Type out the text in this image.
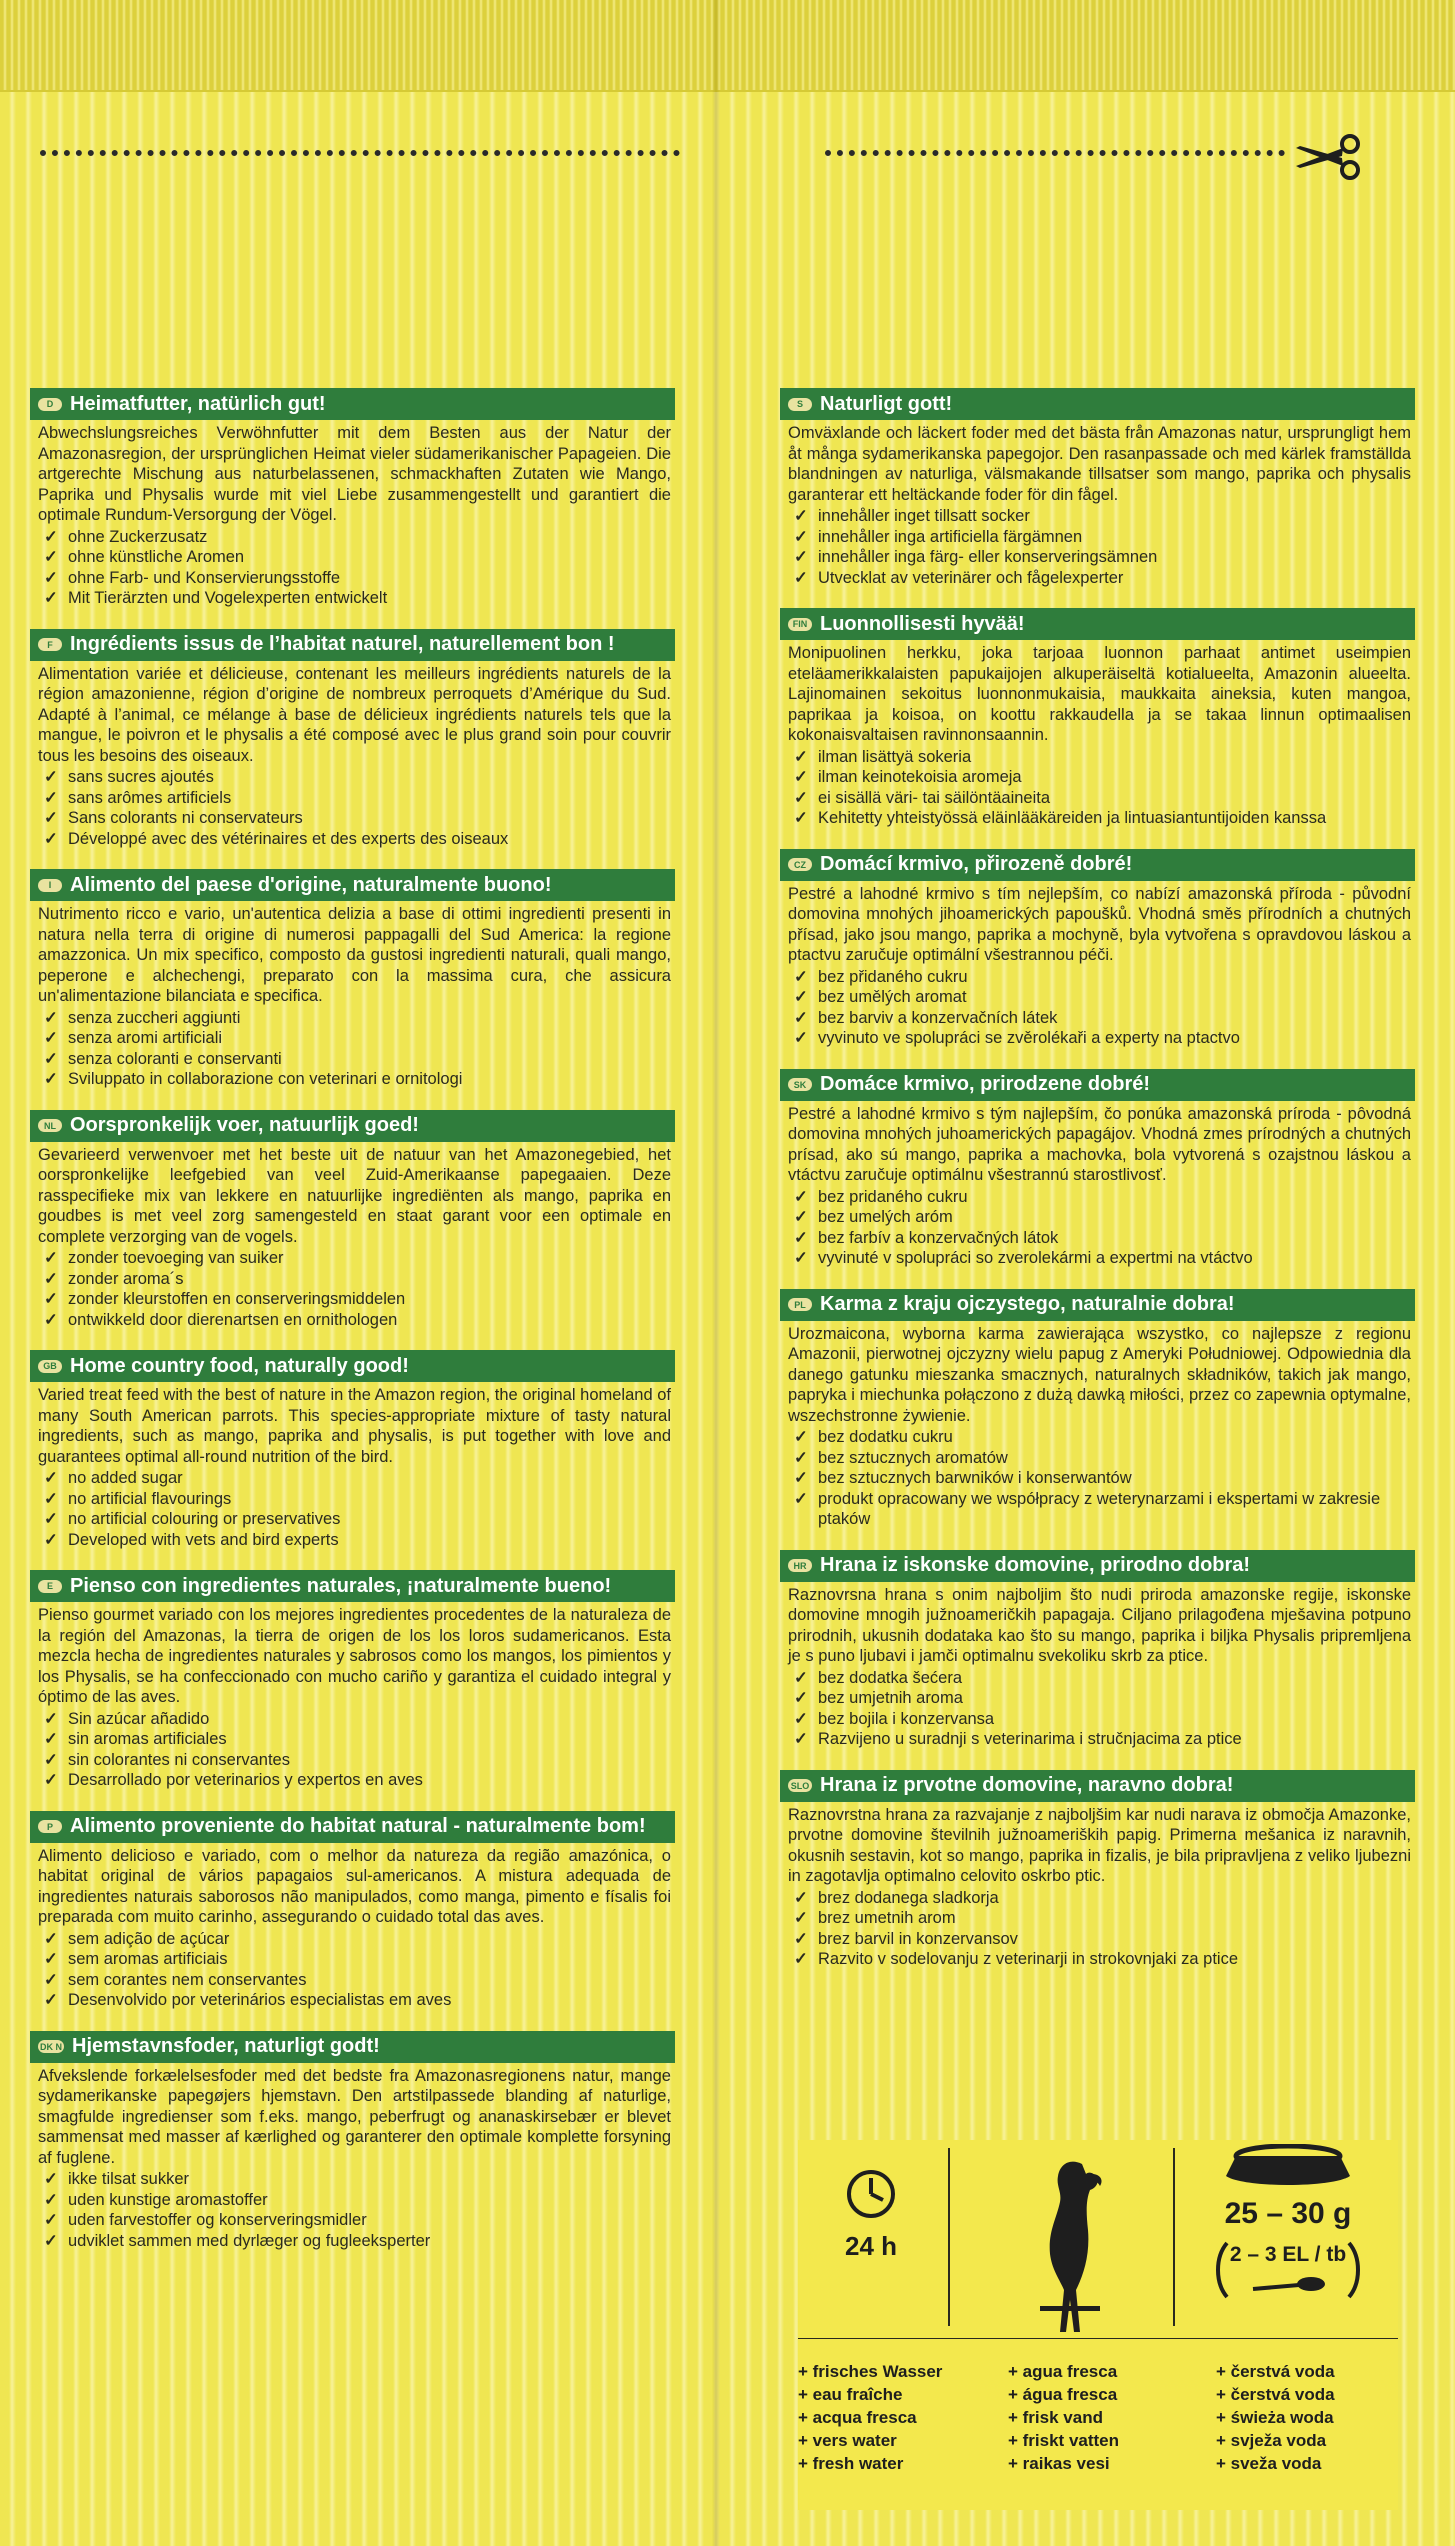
D Heimatfutter, natürlich gut!

Abwechslungsreiches Verwöhnfutter mit dem Besten aus der Natur der Amazonasregion, der ursprünglichen Heimat vieler südamerikanischer Papageien. Die artgerechte Mischung aus naturbelassenen, schmackhaften Zutaten wie Mango, Paprika und Physalis wurde mit viel Liebe zusammengestellt und garantiert die optimale Rundum-Versorgung der Vögel.

✓ ohne Zuckerzusatz
✓ ohne künstliche Aromen
✓ ohne Farb- und Konservierungsstoffe
✓ Mit Tierärzten und Vogelexperten entwickelt
F Ingrédients issus de l’habitat naturel, naturellement bon !

Alimentation variée et délicieuse, contenant les meilleurs ingrédients naturels de la région amazonienne, région d’origine de nombreux perroquets d’Amérique du Sud. Adapté à l’animal, ce mélange à base de délicieux ingrédients naturels tels que la mangue, le poivron et le physalis a été composé avec le plus grand soin pour couvrir tous les besoins des oiseaux.

✓ sans sucres ajoutés
✓ sans arômes artificiels
✓ Sans colorants ni conservateurs
✓ Développé avec des vétérinaires et des experts des oiseaux
I Alimento del paese d'origine, naturalmente buono!

Nutrimento ricco e vario, un'autentica delizia a base di ottimi ingredienti presenti in natura nella terra di origine di numerosi pappagalli del Sud America: la regione amazzonica. Un mix specifico, composto da gustosi ingredienti naturali, quali mango, peperone e alchechengi, preparato con la massima cura, che assicura un'alimentazione bilanciata e specifica.

✓ senza zuccheri aggiunti
✓ senza aromi artificiali
✓ senza coloranti e conservanti
✓ Sviluppato in collaborazione con veterinari e ornitologi
NL Oorspronkelijk voer, natuurlijk goed!

Gevarieerd verwenvoer met het beste uit de natuur van het Amazonegebied, het oorspronkelijke leefgebied van veel Zuid-Amerikaanse papegaaien. Deze rasspecifieke mix van lekkere en natuurlijke ingrediënten als mango, paprika en goudbes is met veel zorg samengesteld en staat garant voor een optimale en complete verzorging van de vogels.

✓ zonder toevoeging van suiker
✓ zonder aroma´s
✓ zonder kleurstoffen en conserveringsmiddelen
✓ ontwikkeld door dierenartsen en ornithologen
GB Home country food, naturally good!

Varied treat feed with the best of nature in the Amazon region, the original homeland of many South American parrots. This species-appropriate mixture of tasty natural ingredients, such as mango, paprika and physalis, is put together with love and guarantees optimal all-round nutrition of the bird.

✓ no added sugar
✓ no artificial flavourings
✓ no artificial colouring or preservatives
✓ Developed with vets and bird experts
E Pienso con ingredientes naturales, ¡naturalmente bueno!

Pienso gourmet variado con los mejores ingredientes procedentes de la naturaleza de la región del Amazonas, la tierra de origen de los los loros sudamericanos. Esta mezcla hecha de ingredientes naturales y sabrosos como los mangos, los pimientos y los Physalis, se ha confeccionado con mucho cariño y garantiza el cuidado integral y óptimo de las aves.

✓ Sin azúcar añadido
✓ sin aromas artificiales
✓ sin colorantes ni conservantes
✓ Desarrollado por veterinarios y expertos en aves
P Alimento proveniente do habitat natural - naturalmente bom!

Alimento delicioso e variado, com o melhor da natureza da região amazónica, o habitat original de vários papagaios sul-americanos. A mistura adequada de ingredientes naturais saborosos não manipulados, como manga, pimento e físalis foi preparada com muito carinho, assegurando o cuidado total das aves.

✓ sem adição de açúcar
✓ sem aromas artificiais
✓ sem corantes nem conservantes
✓ Desenvolvido por veterinários especialistas em aves
DK N Hjemstavnsfoder, naturligt godt!

Afvekslende forkælelsesfoder med det bedste fra Amazonasregionens natur, mange sydamerikanske papegøjers hjemstavn. Den artstilpassede blanding af naturlige, smagfulde ingredienser som f.eks. mango, peberfrugt og ananaskirsebær er blevet sammensat med masser af kærlighed og garanterer den optimale komplette forsyning af fuglene.

✓ ikke tilsat sukker
✓ uden kunstige aromastoffer
✓ uden farvestoffer og konserveringsmidler
✓ udviklet sammen med dyrlæger og fugleeksperter
S Naturligt gott!

Omväxlande och läckert foder med det bästa från Amazonas natur, ursprungligt hem åt många sydamerikanska papegojor. Den rasanpassade och med kärlek framställda blandningen av naturliga, välsmakande tillsatser som mango, paprika och physalis garanterar ett heltäckande foder för din fågel.

✓ innehåller inget tillsatt socker
✓ innehåller inga artificiella färgämnen
✓ innehåller inga färg- eller konserveringsämnen
✓ Utvecklat av veterinärer och fågelexperter
FIN Luonnollisesti hyvää!

Monipuolinen herkku, joka tarjoaa luonnon parhaat antimet useimpien eteläamerikkalaisten papukaijojen alkuperäiseltä kotialueelta, Amazonin alueelta. Lajinomainen sekoitus luonnonmukaisia, maukkaita aineksia, kuten mangoa, paprikaa ja koisoa, on koottu rakkaudella ja se takaa linnun optimaalisen kokonaisvaltaisen ravinnonsaannin.

✓ ilman lisättyä sokeria
✓ ilman keinotekoisia aromeja
✓ ei sisällä väri- tai säilöntäaineita
✓ Kehitetty yhteistyössä eläinlääkäreiden ja lintuasiantuntijoiden kanssa
CZ Domácí krmivo, přirozeně dobré!

Pestré a lahodné krmivo s tím nejlepším, co nabízí amazonská příroda - původní domovina mnohých jihoamerických papoušků. Vhodná směs přírodních a chutných přísad, jako jsou mango, paprika a mochyně, byla vytvořena s opravdovou láskou a ptactvu zaručuje optimální všestrannou péči.

✓ bez přidaného cukru
✓ bez umělých aromat
✓ bez barviv a konzervačních látek
✓ vyvinuto ve spolupráci se zvěrolékaři a experty na ptactvo
SK Domáce krmivo, prirodzene dobré!

Pestré a lahodné krmivo s tým najlepším, čo ponúka amazonská príroda - pôvodná domovina mnohých juhoamerických papagájov. Vhodná zmes prírodných a chutných prísad, ako sú mango, paprika a machovka, bola vytvorená s ozajstnou láskou a vtáctvu zaručuje optimálnu všestrannú starostlivosť.

✓ bez pridaného cukru
✓ bez umelých aróm
✓ bez farbív a konzervačných látok
✓ vyvinuté v spolupráci so zverolekármi a expertmi na vtáctvo
PL Karma z kraju ojczystego, naturalnie dobra!

Urozmaicona, wyborna karma zawierająca wszystko, co najlepsze z regionu Amazonii, pierwotnej ojczyzny wielu papug z Ameryki Południowej. Odpowiednia dla danego gatunku mieszanka smacznych, naturalnych składników, takich jak mango, papryka i miechunka połączono z dużą dawką miłości, przez co zapewnia optymalne, wszechstronne żywienie.

✓ bez dodatku cukru
✓ bez sztucznych aromatów
✓ bez sztucznych barwników i konserwantów
✓ produkt opracowany we współpracy z weterynarzami i ekspertami w zakresie ptaków
HR Hrana iz iskonske domovine, prirodno dobra!

Raznovrsna hrana s onim najboljim što nudi priroda amazonske regije, iskonske domovine mnogih južnoameričkih papagaja. Ciljano prilagođena mješavina potpuno prirodnih, ukusnih dodataka kao što su mango, paprika i biljka Physalis pripremljena je s puno ljubavi i jamči optimalnu svekoliku skrb za ptice.

✓ bez dodatka šećera
✓ bez umjetnih aroma
✓ bez bojila i konzervansa
✓ Razvijeno u suradnji s veterinarima i stručnjacima za ptice
SLO Hrana iz prvotne domovine, naravno dobra!

Raznovrstna hrana za razvajanje z najboljšim kar nudi narava iz območja Amazonke, prvotne domovine številnih južnoameriških papig. Primerna mešanica iz naravnih, okusnih sestavin, kot so mango, paprika in fizalis, je bila pripravljena z veliko ljubezni in zagotavlja optimalno celovito oskrbo ptic.

✓ brez dodanega sladkorja
✓ brez umetnih arom
✓ brez barvil in konzervansov
✓ Razvito v sodelovanju z veterinarji in strokovnjaki za ptice
24 h
25 – 30 g
2 – 3 EL / tb
+ frisches Wasser
+ eau fraîche
+ acqua fresca
+ vers water
+ fresh water
+ agua fresca
+ água fresca
+ frisk vand
+ friskt vatten
+ raikas vesi
+ čerstvá voda
+ čerstvá voda
+ świeża woda
+ svježa voda
+ sveža voda
